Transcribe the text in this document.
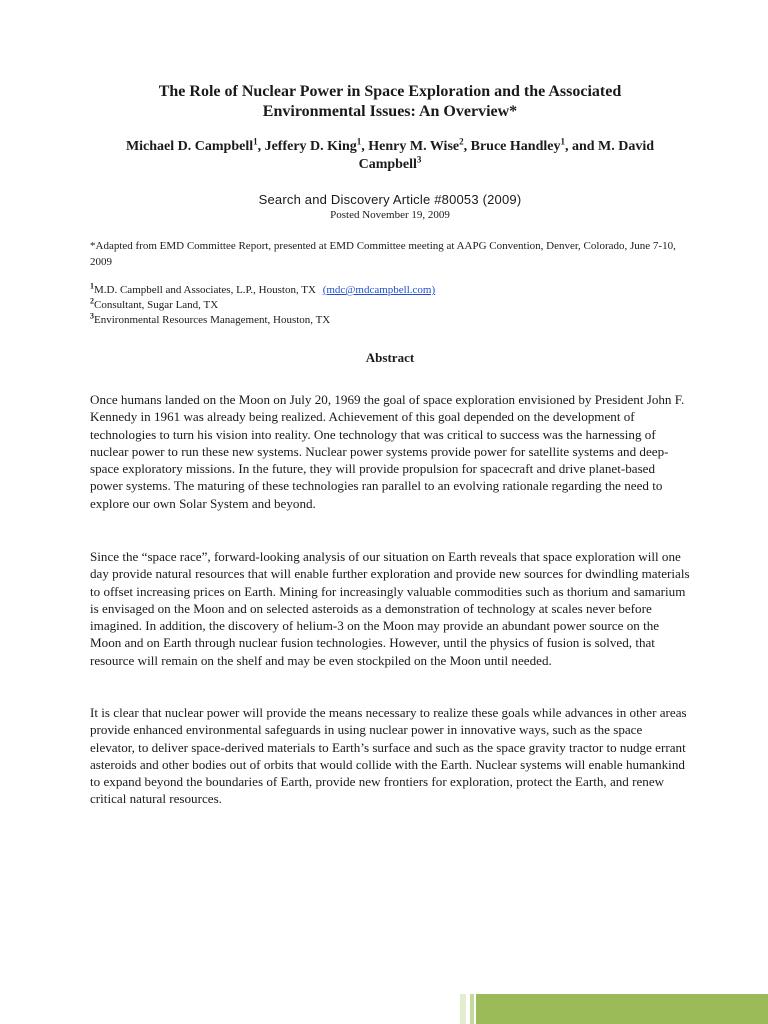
The Role of Nuclear Power in Space Exploration and the Associated
Environmental Issues: An Overview*
Michael D. Campbell$^1$, Jeffery D. King$^1$, Henry M. Wise$^2$, Bruce Handley$^1$, and M. David
Campbell$^3$
Search and Discovery Article #80053 (2009)
Posted November 19, 2009
*Adapted from EMD Committee Report, presented at EMD Committee meeting at AAPG Convention, Denver, Colorado, June 7-10, 2009
$^1$M.D. Campbell and Associates, L.P., Houston, TX (mdc@mdcampbell.com)
$^2$Consultant, Sugar Land, TX
$^3$Environmental Resources Management, Houston, TX
Abstract

Once humans landed on the Moon on July 20, 1969 the goal of space exploration envisioned by President John F. Kennedy in 1961 was already being realized. Achievement of this goal depended on the development of technologies to turn his vision into reality. One technology that was critical to success was the harnessing of nuclear power to run these new systems. Nuclear power systems provide power for satellite systems and deep-space exploratory missions. In the future, they will provide propulsion for spacecraft and drive planet-based power systems. The maturing of these technologies ran parallel to an evolving rationale regarding the need to explore our own Solar System and beyond.

Since the “space race”, forward-looking analysis of our situation on Earth reveals that space exploration will one day provide natural resources that will enable further exploration and provide new sources for dwindling materials to offset increasing prices on Earth. Mining for increasingly valuable commodities such as thorium and samarium is envisaged on the Moon and on selected asteroids as a demonstration of technology at scales never before imagined. In addition, the discovery of helium-3 on the Moon may provide an abundant power source on the Moon and on Earth through nuclear fusion technologies. However, until the physics of fusion is solved, that resource will remain on the shelf and may be even stockpiled on the Moon until needed.

It is clear that nuclear power will provide the means necessary to realize these goals while advances in other areas provide enhanced environmental safeguards in using nuclear power in innovative ways, such as the space elevator, to deliver space-derived materials to Earth’s surface and such as the space gravity tractor to nudge errant asteroids and other bodies out of orbits that would collide with the Earth. Nuclear systems will enable humankind to expand beyond the boundaries of Earth, provide new frontiers for exploration, protect the Earth, and renew critical natural resources.
